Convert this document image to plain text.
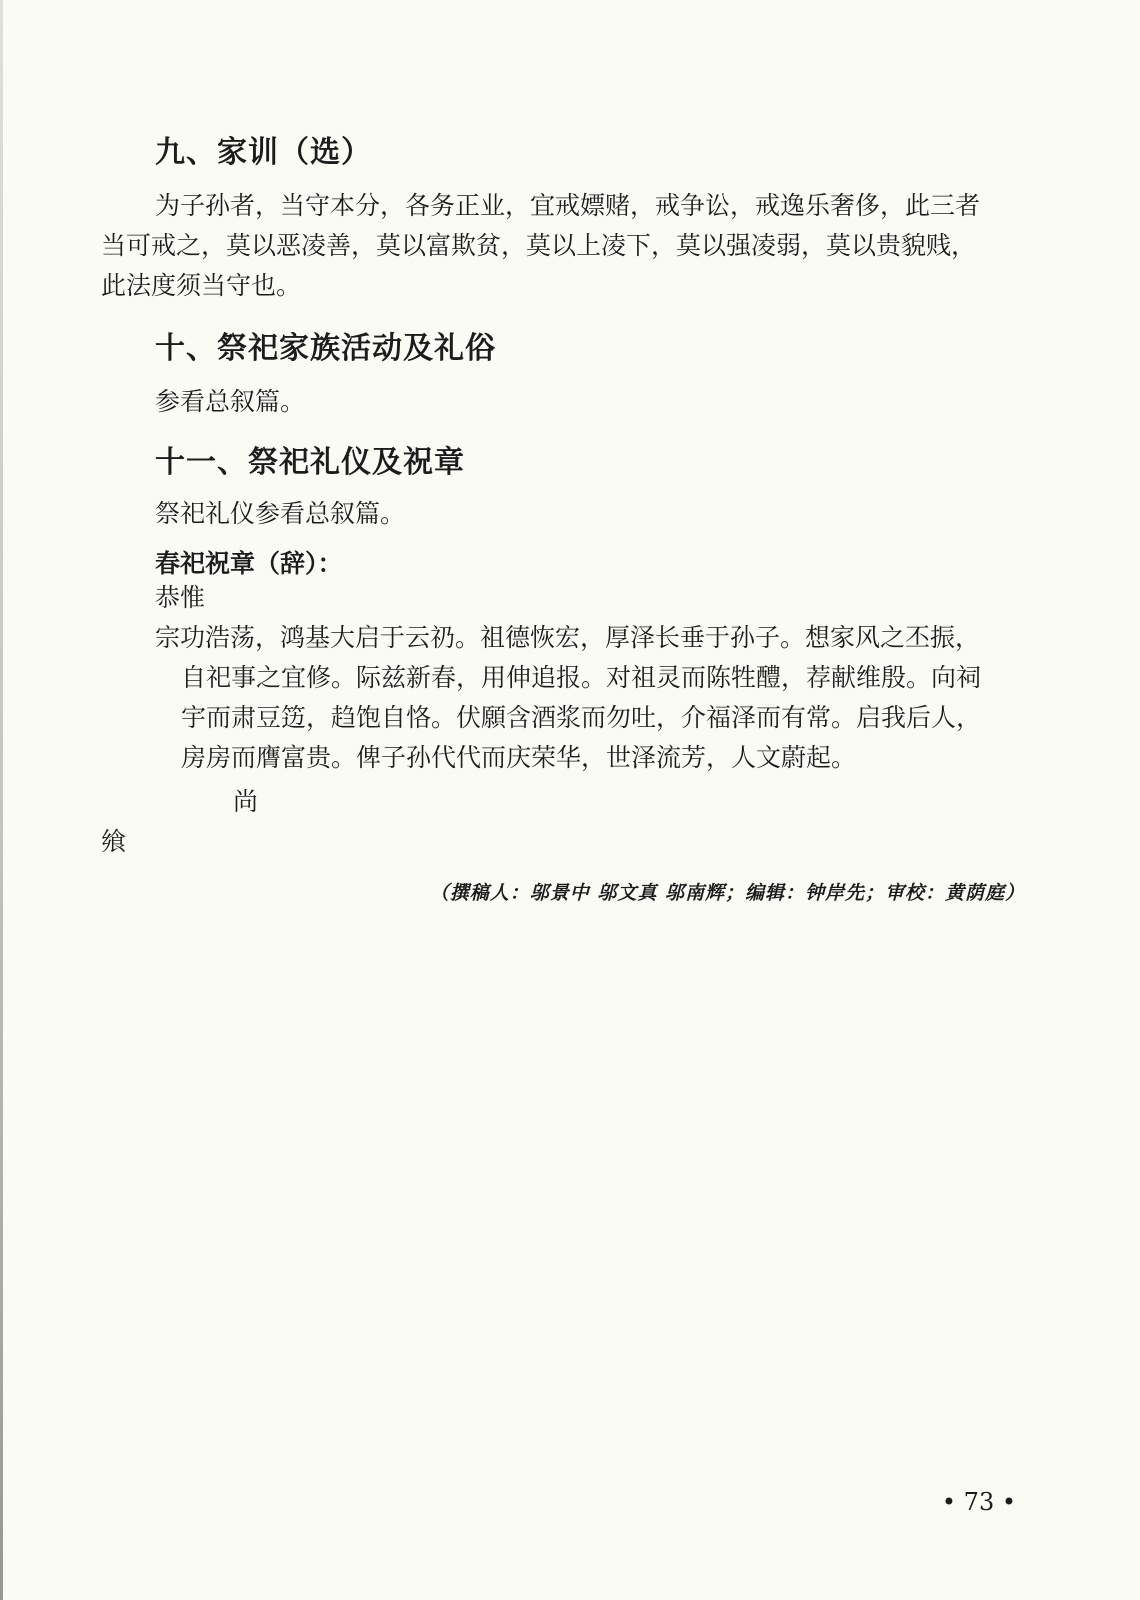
九、家训（选）

为子孙者，当守本分，各务正业，宜戒嫖赌，戒争讼，戒逸乐奢侈，此三者

当可戒之，莫以恶凌善，莫以富欺贫，莫以上凌下，莫以强凌弱，莫以贵貌贱，

此法度须当守也。

十、祭祀家族活动及礼俗

参看总叙篇。

十一、祭祀礼仪及祝章

祭祀礼仪参看总叙篇。

春祀祝章（辞）：

恭惟

宗功浩荡，鸿基大启于云礽。祖德恢宏，厚泽长垂于孙子。想家风之丕振，

自祀事之宜修。际兹新春，用伸追报。对祖灵而陈牲醴，荐献维殷。向祠

宇而肃豆笾，趋饱自恪。伏願含酒浆而勿吐，介福泽而有常。启我后人，

房房而膺富贵。俾子孙代代而庆荣华，世泽流芳，人文蔚起。

尚

飨

（撰稿人：邬景中 邬文真 邬南辉；编辑：钟岸先；审校：黄荫庭）
• 73 •
